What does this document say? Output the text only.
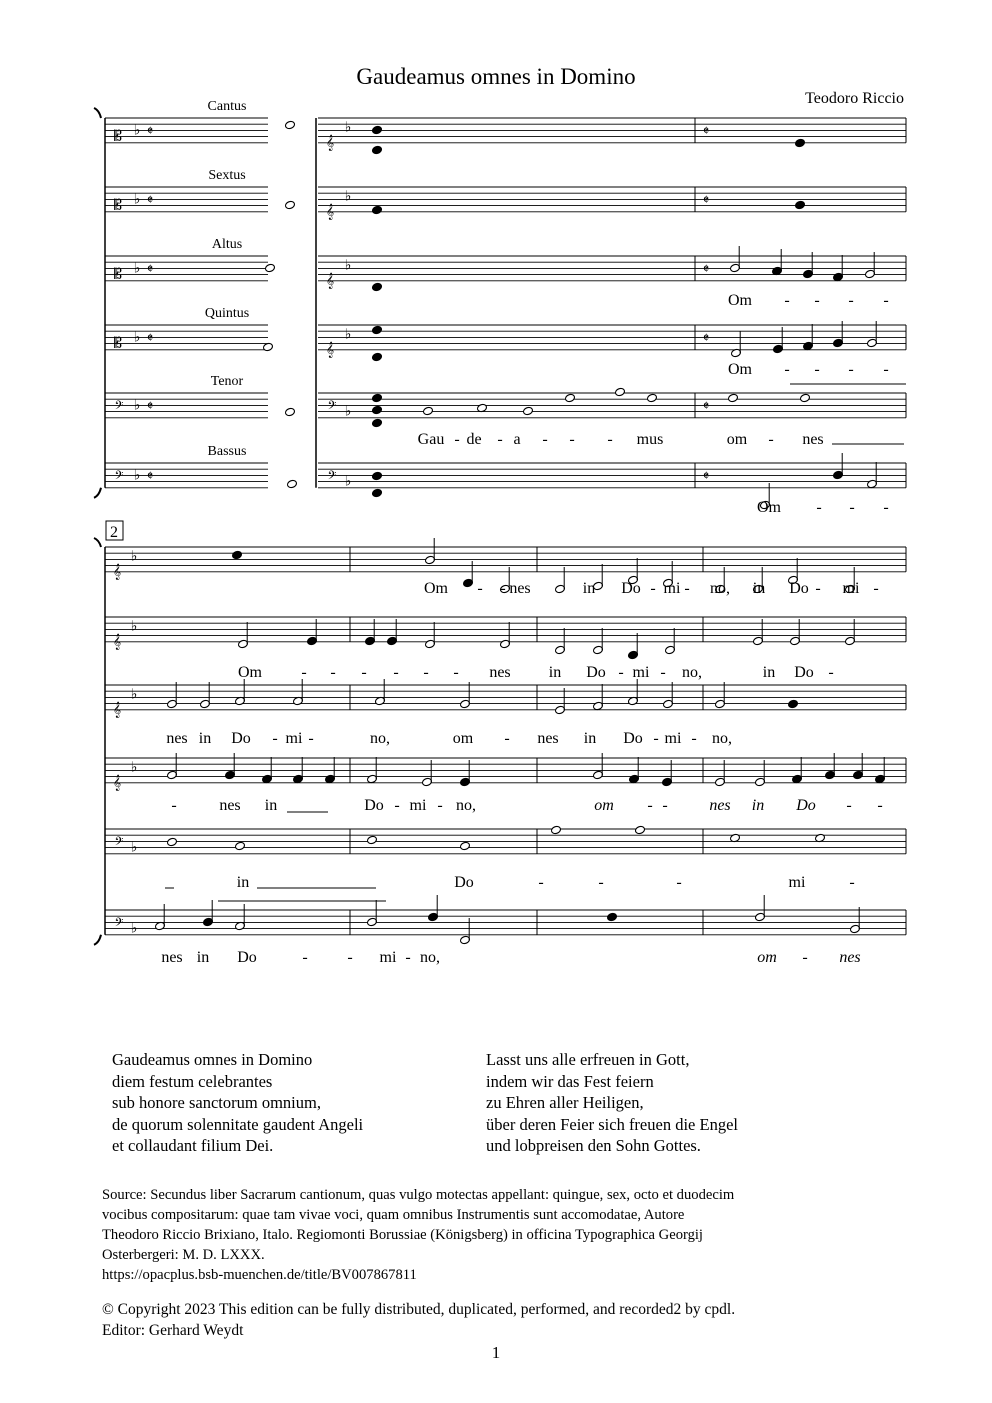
Gaudeamus omnes in Domino
Teodoro Riccio
Cantus
𝄡 ♭ 𝄵
𝄞
♭	𝄵
Sextus
𝄡 ♭ 𝄵
𝄞
♭	𝄵
Altus
𝄡 ♭ 𝄵
𝄞
♭	𝄵
Quintus
𝄡 ♭ 𝄵
𝄞
♭	𝄵
Tenor
𝄢 ♭ 𝄵	𝄢 ♭	𝄵
Bassus
𝄢 ♭ 𝄵	𝄢 ♭	𝄵
Om - - - -
Om - - - -
Gau - de - a - - - mus	om - nes
Om - - -
𝄞
♭
𝄞
♭
𝄞
♭
𝄞
♭
𝄢 ♭
𝄢 ♭
2
Om - - nes	in Do - mi - no, in Do - mi -
Om - - - - - - nes in Do - mi - no,	in Do -
nes in Do - mi -	no,	om - nes in Do - mi - no,
-	nes in	Do - mi - no,	om - -	nes in Do - -
in	Do	-	-	-	mi	-
nes in Do	- - mi - no,	om - nes
Gaudeamus omnes in Domino
diem festum celebrantes
sub honore sanctorum omnium,
de quorum solennitate gaudent Angeli
et collaudant filium Dei.
Lasst uns alle erfreuen in Gott,
indem wir das Fest feiern
zu Ehren aller Heiligen,
über deren Feier sich freuen die Engel
und lobpreisen den Sohn Gottes.
Source: Secundus liber Sacrarum cantionum, quas vulgo motectas appellant: quingue, sex, octo et duodecim
vocibus compositarum: quae tam vivae voci, quam omnibus Instrumentis sunt accomodatae, Autore
Theodoro Riccio Brixiano, Italo. Regiomonti Borussiae (Königsberg) in officina Typographica Georgij
Osterbergeri: M. D. LXXX.
https://opacplus.bsb-muenchen.de/title/BV007867811
© Copyright 2023 This edition can be fully distributed, duplicated, performed, and recorded2 by cpdl.
Editor: Gerhard Weydt
1
